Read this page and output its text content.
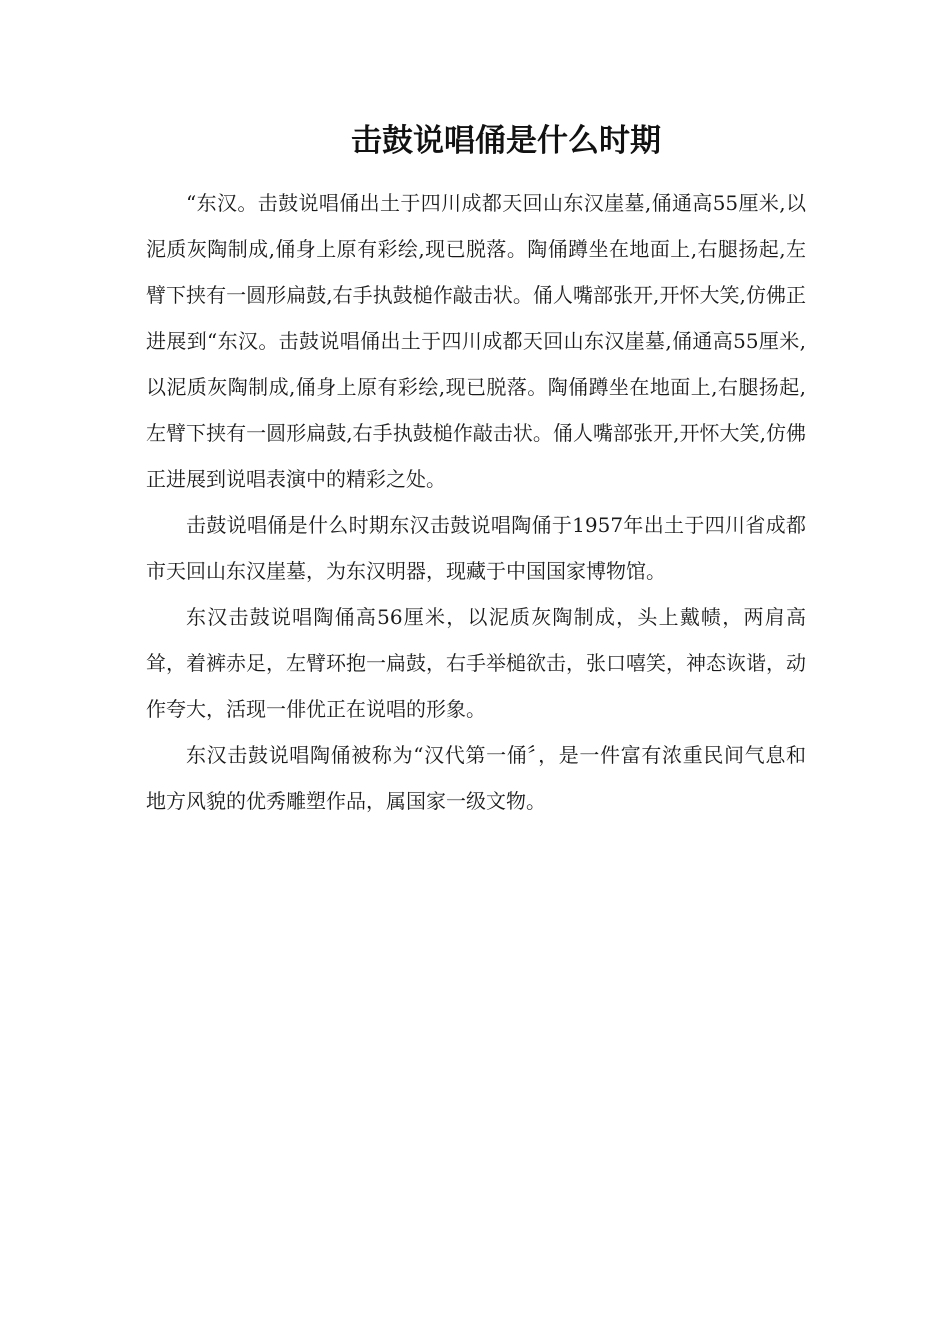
击鼓说唱俑是什么时期

“东汉。击鼓说唱俑出土于四川成都天回山东汉崖墓,俑通高55厘米,以泥质灰陶制成,俑身上原有彩绘,现已脱落。陶俑蹲坐在地面上,右腿扬起,左臂下挟有一圆形扁鼓,右手执鼓槌作敲击状。俑人嘴部张开,开怀大笑,仿佛正进展到“东汉。击鼓说唱俑出土于四川成都天回山东汉崖墓,俑通高55厘米,以泥质灰陶制成,俑身上原有彩绘,现已脱落。陶俑蹲坐在地面上,右腿扬起,左臂下挟有一圆形扁鼓,右手执鼓槌作敲击状。俑人嘴部张开,开怀大笑,仿佛正进展到说唱表演中的精彩之处。

击鼓说唱俑是什么时期东汉击鼓说唱陶俑于1957年出土于四川省成都市天回山东汉崖墓，为东汉明器，现藏于中国国家博物馆。

东汉击鼓说唱陶俑高56厘米，以泥质灰陶制成，头上戴帻，两肩高耸，着裤赤足，左臂环抱一扁鼓，右手举槌欲击，张口嘻笑，神态诙谐，动作夸大，活现一俳优正在说唱的形象。

东汉击鼓说唱陶俑被称为“汉代第一俑〞，是一件富有浓重民间气息和地方风貌的优秀雕塑作品，属国家一级文物。
